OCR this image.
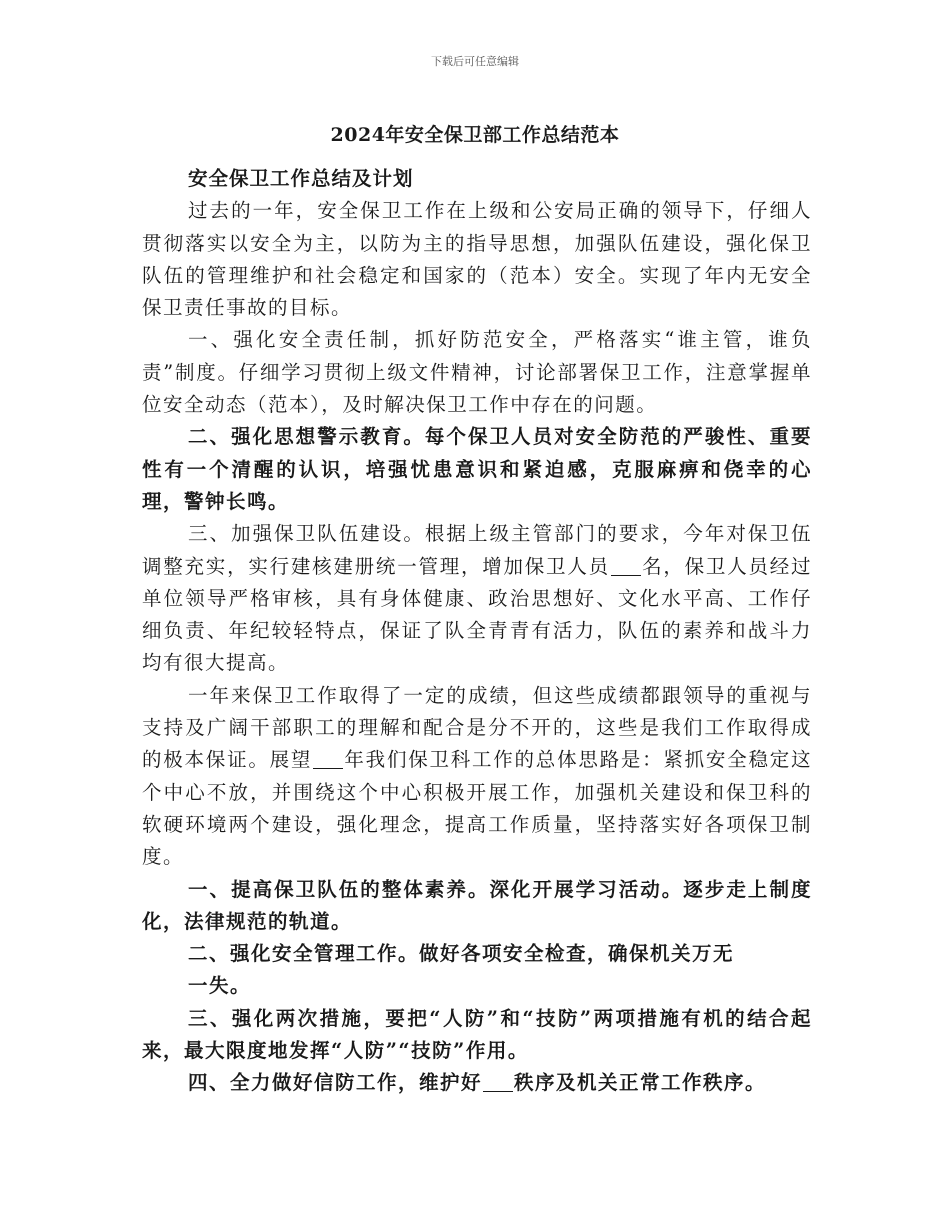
下载后可任意编辑
2024年安全保卫部工作总结范本

安全保卫工作总结及计划

过去的一年，安全保卫工作在上级和公安局正确的领导下，仔细人贯彻落实以安全为主，以防为主的指导思想，加强队伍建设，强化保卫队伍的管理维护和社会稳定和国家的（范本）安全。实现了年内无安全保卫责任事故的目标。

一、强化安全责任制，抓好防范安全，严格落实“谁主管，谁负责”制度。仔细学习贯彻上级文件精神，讨论部署保卫工作，注意掌握单位安全动态（范本），及时解决保卫工作中存在的问题。

二、强化思想警示教育。每个保卫人员对安全防范的严骏性、重要性有一个清醒的认识，培强忧患意识和紧迫感，克服麻痹和侥幸的心理，警钟长鸣。

三、加强保卫队伍建设。根据上级主管部门的要求，今年对保卫伍调整充实，实行建核建册统一管理，增加保卫人员 名，保卫人员经过单位领导严格审核，具有身体健康、政治思想好、文化水平高、工作仔细负责、年纪较轻特点，保证了队全青青有活力，队伍的素养和战斗力均有很大提高。

一年来保卫工作取得了一定的成绩，但这些成绩都跟领导的重视与支持及广阔干部职工的理解和配合是分不开的，这些是我们工作取得成的极本保证。展望 年我们保卫科工作的总体思路是：紧抓安全稳定这个中心不放，并围绕这个中心积极开展工作，加强机关建设和保卫科的软硬环境两个建设，强化理念，提高工作质量，坚持落实好各项保卫制度。

一、提高保卫队伍的整体素养。深化开展学习活动。逐步走上制度化，法律规范的轨道。

二、强化安全管理工作。做好各项安全检查，确保机关万无

一失。

三、强化两次措施，要把“人防”和“技防”两项措施有机的结合起来，最大限度地发挥“人防”“技防”作用。

四、全力做好信防工作，维护好 秩序及机关正常工作秩序。
